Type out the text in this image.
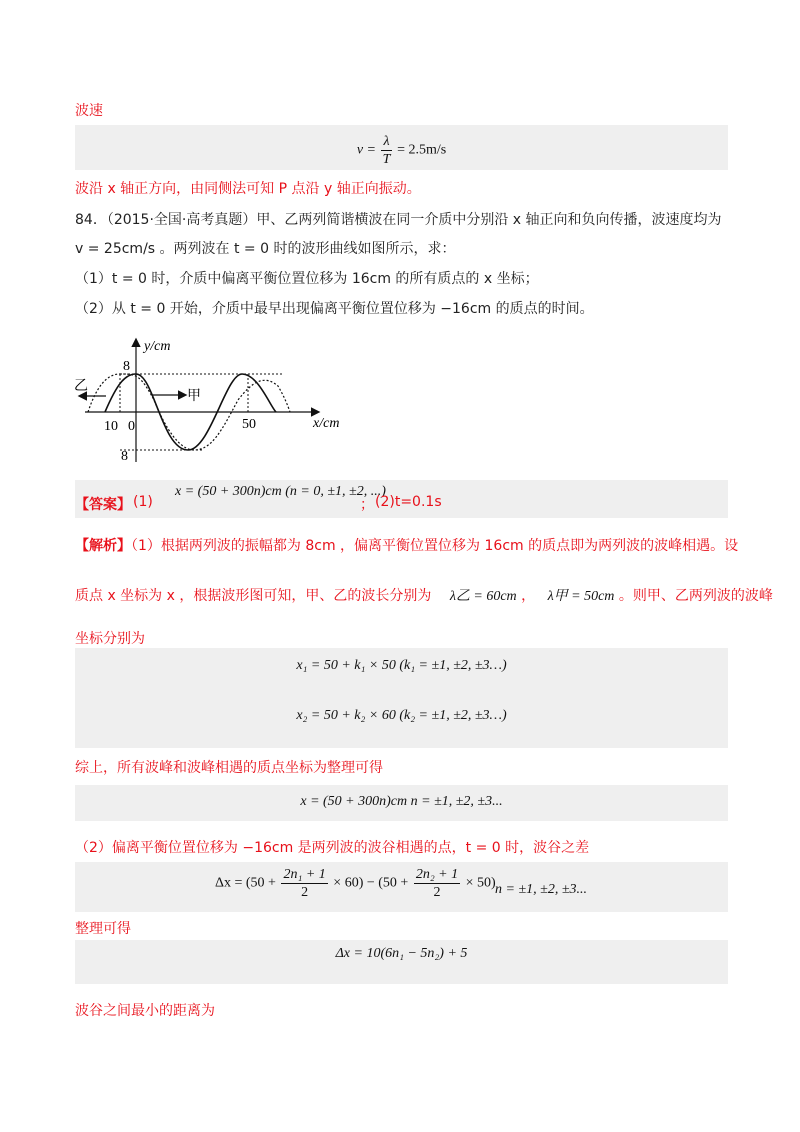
波速
$v = \frac{\lambda}{T} = 2.5m/s$
波沿 x 轴正方向，由同侧法可知 P 点沿 y 轴正向振动。
84．（2015·全国·高考真题）甲、乙两列简谐横波在同一介质中分别沿 x 轴正向和负向传播，波速度均为
v = 25cm/s 。两列波在 t = 0 时的波形曲线如图所示，求：
（1）t = 0 时，介质中偏离平衡位置位移为 16cm 的所有质点的 x 坐标；
（2）从 t = 0 开始，介质中最早出现偏离平衡位置位移为 −16cm 的质点的时间。
y/cm
x/cm
8
8
10 0	50
乙
甲
【答案】 (1)
x = (50 + 300n)cm (n = 0, ±1, ±2, ...)
； (2)t=0.1s
【解析】（1）根据两列波的振幅都为 8cm ，偏离平衡位置位移为 16cm 的质点即为两列波的波峰相遇。设
质点 x 坐标为 x ，根据波形图可知，甲、乙的波长分别为 λ乙 = 60cm ， λ甲 = 50cm 。则甲、乙两列波的波峰
坐标分别为
x₁ = 50 + k₁ × 50 (k₁ = ±1, ±2, ±3…)
x₂ = 50 + k₂ × 60 (k₂ = ±1, ±2, ±3…)
综上，所有波峰和波峰相遇的质点坐标为整理可得
x = (50 + 300n)cm n = ±1, ±2, ±3...
（2）偏离平衡位置位移为 −16cm 是两列波的波谷相遇的点，t = 0 时，波谷之差
$\Delta x = (50 + \frac{\text{2n₁ + 1}}{2} \times 60) - (50 + \frac{\text{2n₂ + 1}}{2} \times 50)$ n = ±1, ±2, ±3...
整理可得
Δx = 10(6n₁ − 5n₂) + 5
波谷之间最小的距离为
